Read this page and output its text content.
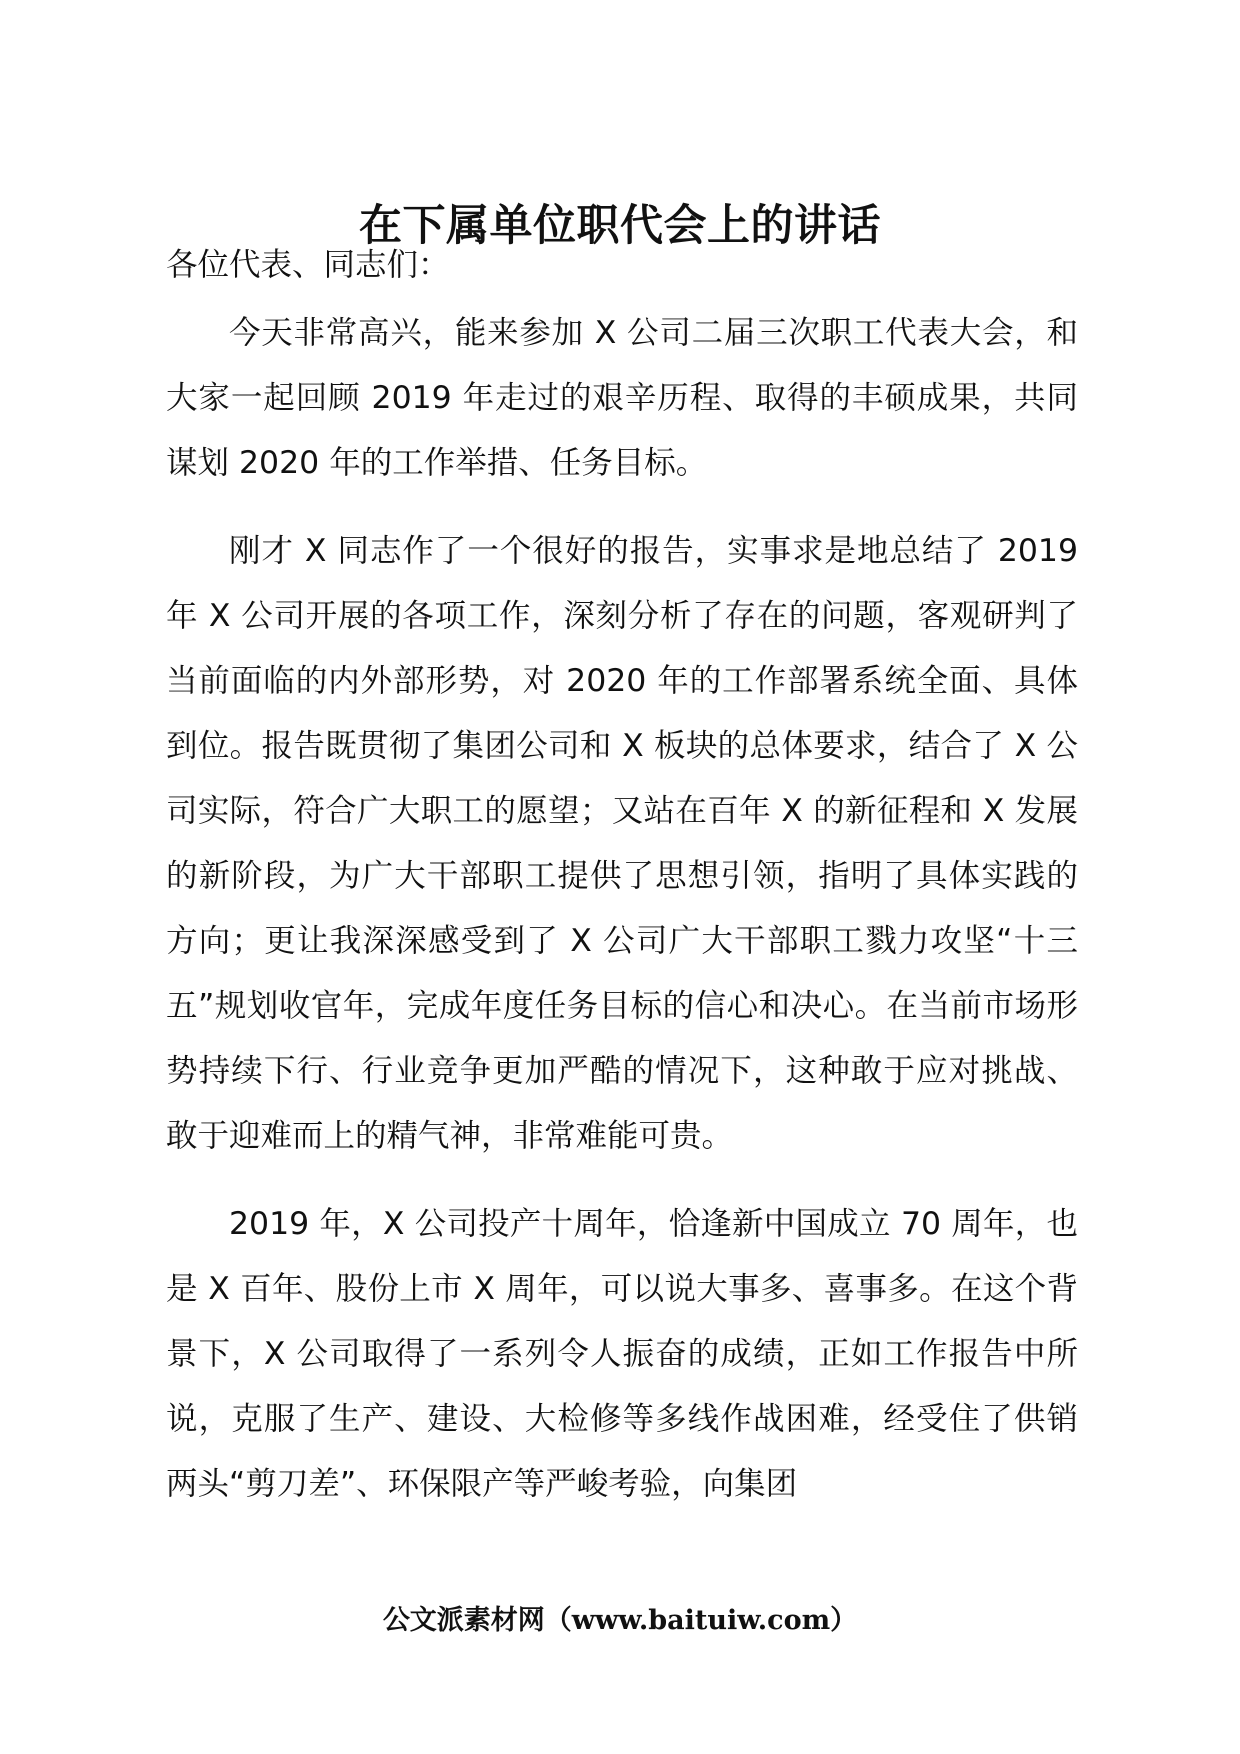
在下属单位职代会上的讲话

各位代表、同志们：

今天非常高兴，能来参加 X 公司二届三次职工代表大会，和大家一起回顾 2019 年走过的艰辛历程、取得的丰硕成果，共同谋划 2020 年的工作举措、任务目标。

刚才 X 同志作了一个很好的报告，实事求是地总结了 2019 年 X 公司开展的各项工作，深刻分析了存在的问题，客观研判了当前面临的内外部形势，对 2020 年的工作部署系统全面、具体到位。报告既贯彻了集团公司和 X 板块的总体要求，结合了 X 公司实际，符合广大职工的愿望；又站在百年 X 的新征程和 X 发展的新阶段，为广大干部职工提供了思想引领，指明了具体实践的方向；更让我深深感受到了 X 公司广大干部职工戮力攻坚“十三五”规划收官年，完成年度任务目标的信心和决心。在当前市场形势持续下行、行业竞争更加严酷的情况下，这种敢于应对挑战、敢于迎难而上的精气神，非常难能可贵。

2019 年，X 公司投产十周年，恰逢新中国成立 70 周年，也是 X 百年、股份上市 X 周年，可以说大事多、喜事多。在这个背景下，X 公司取得了一系列令人振奋的成绩，正如工作报告中所说，克服了生产、建设、大检修等多线作战困难，经受住了供销两头“剪刀差”、环保限产等严峻考验，向集团

公文派素材网（www.baituiw.com）
